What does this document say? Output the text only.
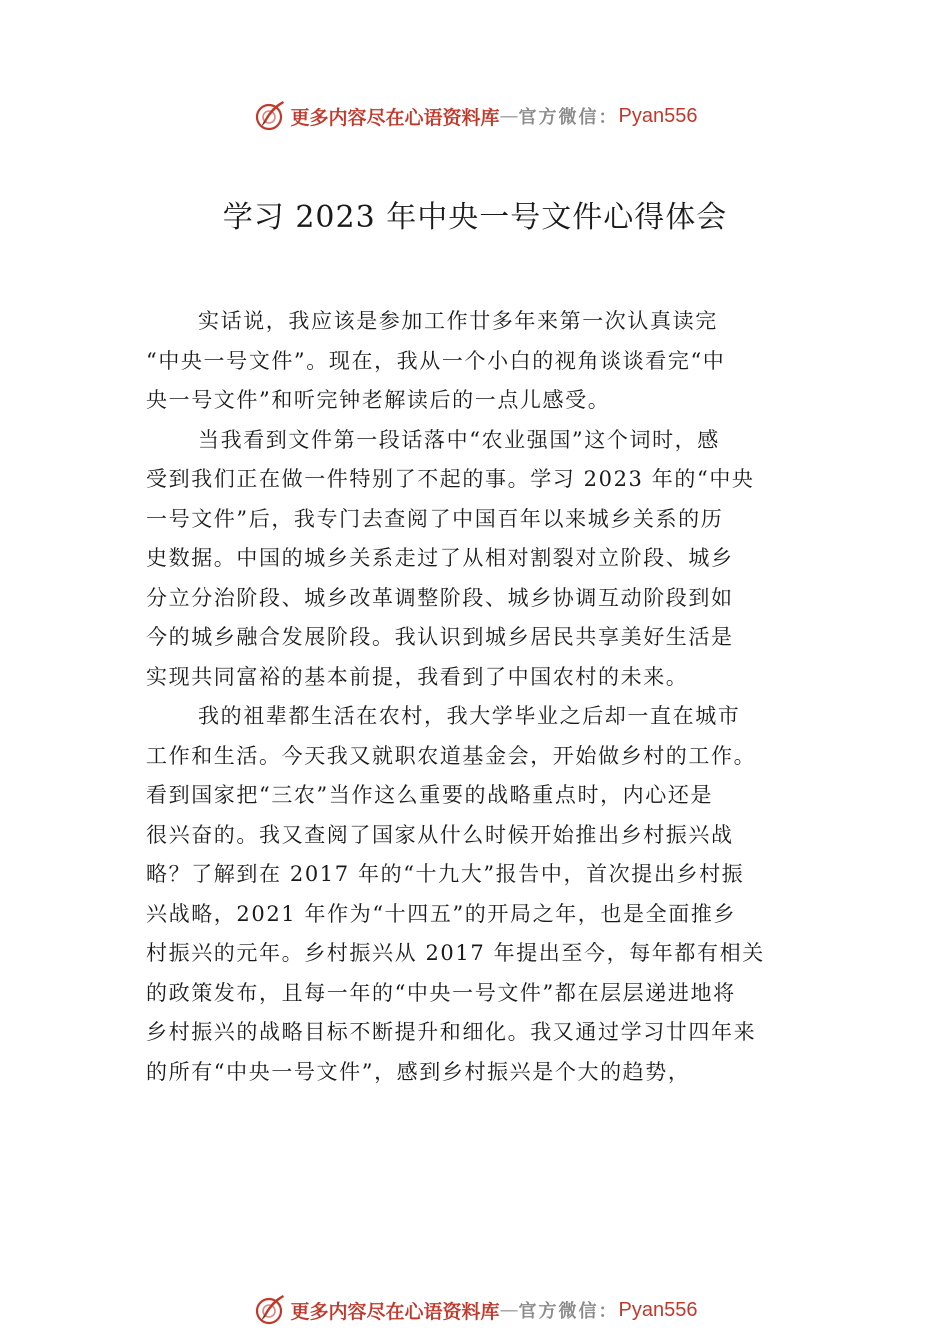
更多内容尽在心语资料库 — 官方微信： Pyan556
学习 2023 年中央一号文件心得体会
实话说，我应该是参加工作廿多年来第一次认真读完
“中央一号文件”。现在，我从一个小白的视角谈谈看完“中
央一号文件”和听完钟老解读后的一点儿感受。
当我看到文件第一段话落中“农业强国”这个词时，感
受到我们正在做一件特别了不起的事。学习 2023 年的“中央
一号文件”后，我专门去查阅了中国百年以来城乡关系的历
史数据。中国的城乡关系走过了从相对割裂对立阶段、城乡
分立分治阶段、城乡改革调整阶段、城乡协调互动阶段到如
今的城乡融合发展阶段。我认识到城乡居民共享美好生活是
实现共同富裕的基本前提，我看到了中国农村的未来。
我的祖辈都生活在农村，我大学毕业之后却一直在城市
工作和生活。今天我又就职农道基金会，开始做乡村的工作。
看到国家把“三农”当作这么重要的战略重点时，内心还是
很兴奋的。我又查阅了国家从什么时候开始推出乡村振兴战
略？了解到在 2017 年的“十九大”报告中，首次提出乡村振
兴战略，2021 年作为“十四五”的开局之年，也是全面推乡
村振兴的元年。乡村振兴从 2017 年提出至今，每年都有相关
的政策发布，且每一年的“中央一号文件”都在层层递进地将
乡村振兴的战略目标不断提升和细化。我又通过学习廿四年来
的所有“中央一号文件”，感到乡村振兴是个大的趋势，
更多内容尽在心语资料库 — 官方微信： Pyan556
